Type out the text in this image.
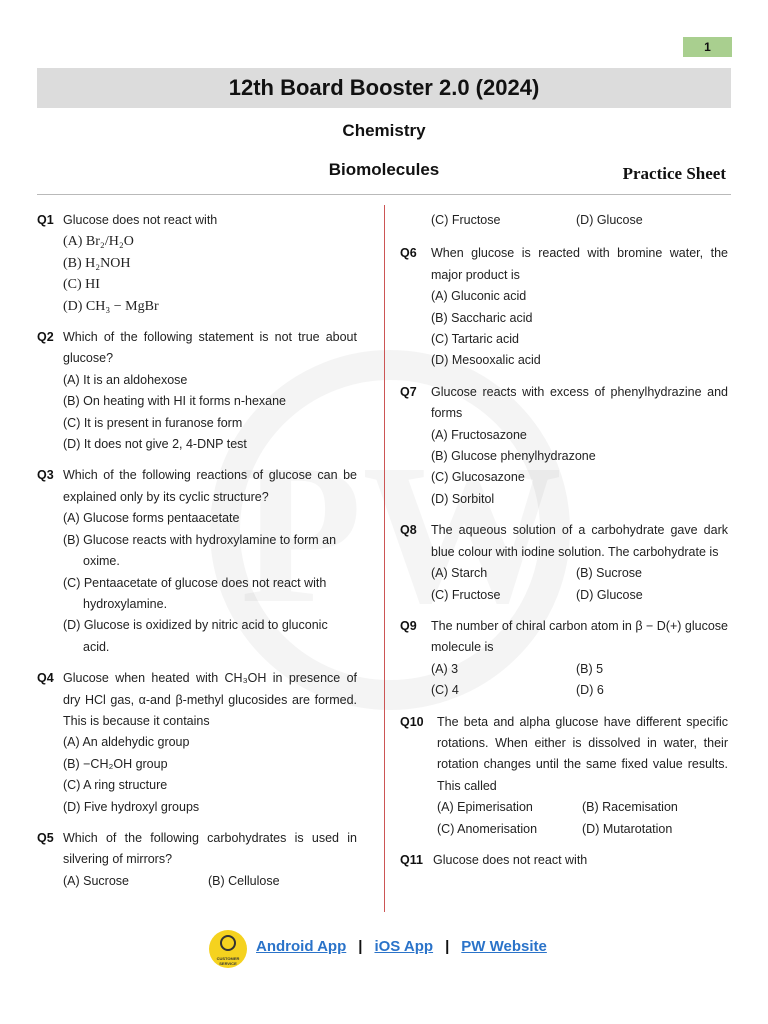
1
12th Board Booster 2.0 (2024)
Chemistry
Biomolecules	Practice Sheet
Q1 Glucose does not react with
(A) Br₂/H₂O
(B) H₂NOH
(C) HI
(D) CH₃ − MgBr
Q2 Which of the following statement is not true about glucose?
(A) It is an aldohexose
(B) On heating with HI it forms n-hexane
(C) It is present in furanose form
(D) It does not give 2, 4-DNP test
Q3 Which of the following reactions of glucose can be explained only by its cyclic structure?
(A) Glucose forms pentaacetate
(B) Glucose reacts with hydroxylamine to form an oxime.
(C) Pentaacetate of glucose does not react with hydroxylamine.
(D) Glucose is oxidized by nitric acid to gluconic acid.
Q4 Glucose when heated with CH₃OH in presence of dry HCl gas, α-and β-methyl glucosides are formed. This is because it contains
(A) An aldehydic group
(B) −CH₂OH group
(C) A ring structure
(D) Five hydroxyl groups
Q5 Which of the following carbohydrates is used in silvering of mirrors?
(A) Sucrose	(B) Cellulose
(C) Fructose	(D) Glucose
Q6 When glucose is reacted with bromine water, the major product is
(A) Gluconic acid
(B) Saccharic acid
(C) Tartaric acid
(D) Mesooxalic acid
Q7 Glucose reacts with excess of phenylhydrazine and forms
(A) Fructosazone
(B) Glucose phenylhydrazone
(C) Glucosazone
(D) Sorbitol
Q8 The aqueous solution of a carbohydrate gave dark blue colour with iodine solution. The carbohydrate is
(A) Starch	(B) Sucrose
(C) Fructose	(D) Glucose
Q9 The number of chiral carbon atom in β − D(+) glucose molecule is
(A) 3	(B) 5
(C) 4	(D) 6
Q10 The beta and alpha glucose have different specific rotations. When either is dissolved in water, their rotation changes until the same fixed value results. This called
(A) Epimerisation	(B) Racemisation
(C) Anomerisation	(D) Mutarotation
Q11 Glucose does not react with
CUSTOMER SERVICE
Android App | iOS App | PW Website
